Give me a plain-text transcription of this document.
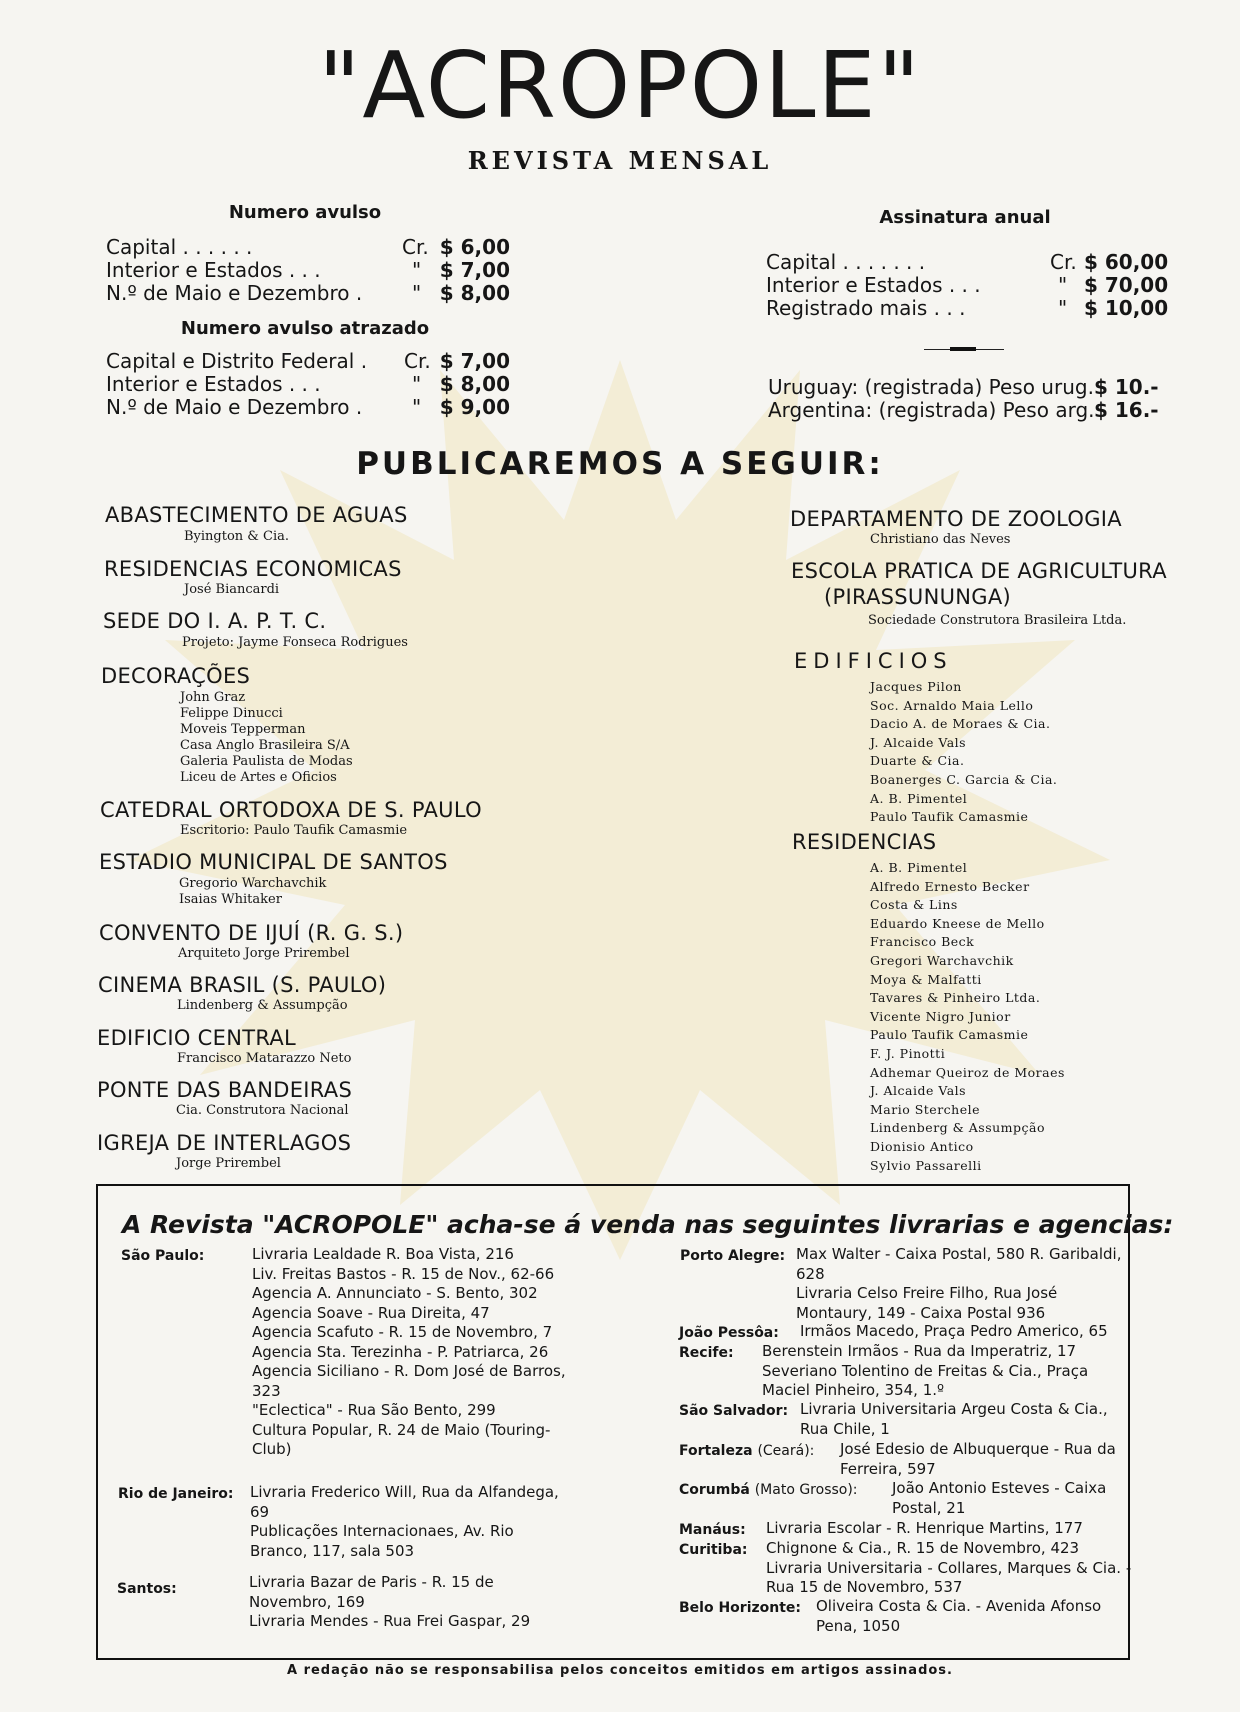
"ACROPOLE"
REVISTA MENSAL
Numero avulso
Capital . . . . . .	Cr. $ 6,00
Interior e Estados . . .	" $ 7,00
N.º de Maio e Dezembro . " $ 8,00
Numero avulso atrazado
Capital e Distrito Federal . Cr. $ 7,00
Interior e Estados . . .	" $ 8,00
N.º de Maio e Dezembro . " $ 9,00
Assinatura anual
Capital . . . . . . .	Cr. $ 60,00
Interior e Estados . . .	" $ 70,00
Registrado mais . . .	" $ 10,00
Uruguay: (registrada) Peso urug. $ 10.-
Argentina: (registrada) Peso arg. $ 16.-
PUBLICAREMOS A SEGUIR:
ABASTECIMENTO DE AGUAS
Byington & Cia.
RESIDENCIAS ECONOMICAS
José Biancardi
SEDE DO I. A. P. T. C.
Projeto: Jayme Fonseca Rodrigues
DECORAÇÕES
John Graz
Felippe Dinucci
Moveis Tepperman
Casa Anglo Brasileira S/A
Galeria Paulista de Modas
Liceu de Artes e Oficios
CATEDRAL ORTODOXA DE S. PAULO
Escritorio: Paulo Taufik Camasmie
ESTADIO MUNICIPAL DE SANTOS
Gregorio Warchavchik
Isaias Whitaker
CONVENTO DE IJUÍ (R. G. S.)
Arquiteto Jorge Prirembel
CINEMA BRASIL (S. PAULO)
Lindenberg & Assumpção
EDIFICIO CENTRAL
Francisco Matarazzo Neto
PONTE DAS BANDEIRAS
Cia. Construtora Nacional
IGREJA DE INTERLAGOS
Jorge Prirembel
DEPARTAMENTO DE ZOOLOGIA
Christiano das Neves
ESCOLA PRATICA DE AGRICULTURA
(PIRASSUNUNGA)
Sociedade Construtora Brasileira Ltda.
EDIFICIOS
Jacques Pilon
Soc. Arnaldo Maia Lello
Dacio A. de Moraes & Cia.
J. Alcaide Vals
Duarte & Cia.
Boanerges C. Garcia & Cia.
A. B. Pimentel
Paulo Taufik Camasmie
RESIDENCIAS
A. B. Pimentel
Alfredo Ernesto Becker
Costa & Lins
Eduardo Kneese de Mello
Francisco Beck
Gregori Warchavchik
Moya & Malfatti
Tavares & Pinheiro Ltda.
Vicente Nigro Junior
Paulo Taufik Camasmie
F. J. Pinotti
Adhemar Queiroz de Moraes
J. Alcaide Vals
Mario Sterchele
Lindenberg & Assumpção
Dionisio Antico
Sylvio Passarelli
A Revista "ACROPOLE" acha-se á venda nas seguintes livrarias e agencias:
São Paulo:	Livraria Lealdade R. Boa Vista, 216
Liv. Freitas Bastos - R. 15 de Nov., 62-66
Agencia A. Annunciato - S. Bento, 302
Agencia Soave - Rua Direita, 47
Agencia Scafuto - R. 15 de Novembro, 7
Agencia Sta. Terezinha - P. Patriarca, 26
Agencia Siciliano - R. Dom José de Barros, 323
"Eclectica" - Rua São Bento, 299
Cultura Popular, R. 24 de Maio (Touring-Club)
Rio de Janeiro: Livraria Frederico Will, Rua da Alfandega, 69
Publicações Internacionaes, Av. Rio Branco, 117, sala 503
Santos:	Livraria Bazar de Paris - R. 15 de Novembro, 169
Livraria Mendes - Rua Frei Gaspar, 29
Porto Alegre: Max Walter - Caixa Postal, 580 R. Garibaldi, 628
Livraria Celso Freire Filho, Rua José Montaury, 149 - Caixa Postal 936
João Pessôa: Irmãos Macedo, Praça Pedro Americo, 65
Recife: Berenstein Irmãos - Rua da Imperatriz, 17
Severiano Tolentino de Freitas & Cia., Praça Maciel Pinheiro, 354, 1.º
São Salvador: Livraria Universitaria Argeu Costa & Cia., Rua Chile, 1
Fortaleza (Ceará): José Edesio de Albuquerque - Rua da Ferreira, 597
Corumbá (Mato Grosso): João Antonio Esteves - Caixa Postal, 21
Manáus: Livraria Escolar - R. Henrique Martins, 177
Curitiba: Chignone & Cia., R. 15 de Novembro, 423
Livraria Universitaria - Collares, Marques & Cia. - Rua 15 de Novembro, 537
Belo Horizonte: Oliveira Costa & Cia. - Avenida Afonso Pena, 1050
A redação não se responsabilisa pelos conceitos emitidos em artigos assinados.
